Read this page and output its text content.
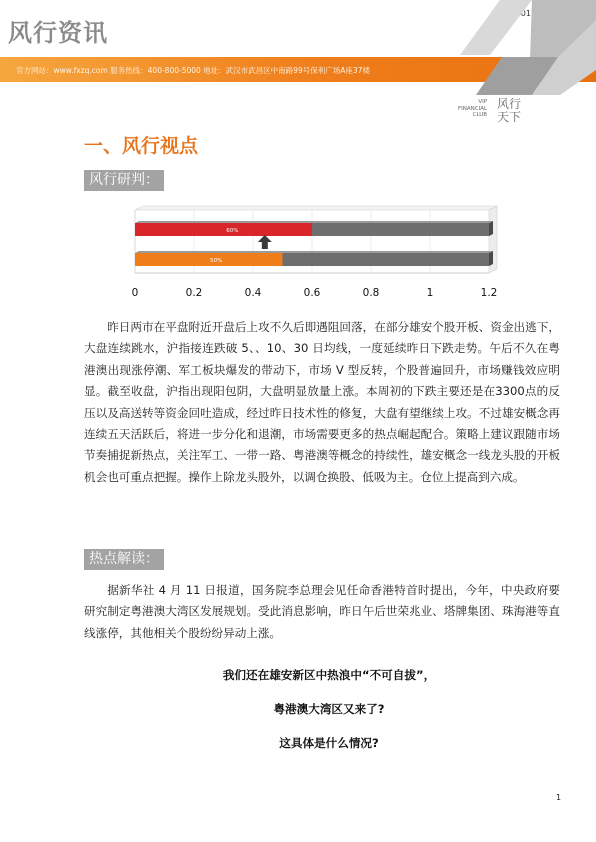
风行资讯
2017
官方网站：www.fxzq.com 服务热线：400-800-5000 地址：武汉市武昌区中南路99号保利广场A座37楼
VIP
FINANCIAL
CLUB
风行
天下
一、风行视点
风行研判：
60%
50%
0	0.2	0.4	0.6	0.8	1	1.2
昨日两市在平盘附近开盘后上攻不久后即遇阻回落，在部分雄安个股开板、资金出逃下，大盘连续跳水，沪指接连跌破 5、、10、30 日均线，一度延续昨日下跌走势。午后不久在粤港澳出现涨停潮、军工板块爆发的带动下，市场 V 型反转，个股普遍回升，市场赚钱效应明显。截至收盘，沪指出现阳包阴，大盘明显放量上涨。本周初的下跌主要还是在3300点的反压以及高送转等资金回吐造成，经过昨日技术性的修复，大盘有望继续上攻。不过雄安概念再连续五天活跃后，将进一步分化和退潮，市场需要更多的热点崛起配合。策略上建议跟随市场节奏捕捉新热点，关注军工、一带一路、粤港澳等概念的持续性，雄安概念一线龙头股的开板机会也可重点把握。操作上除龙头股外，以调仓换股、低吸为主。仓位上提高到六成。
热点解读：
据新华社 4 月 11 日报道，国务院李总理会见任命香港特首时提出，今年，中央政府要研究制定粤港澳大湾区发展规划。受此消息影响，昨日午后世荣兆业、塔牌集团、珠海港等直线涨停，其他相关个股纷纷异动上涨。
我们还在雄安新区中热浪中“不可自拔”，
粤港澳大湾区又来了?
这具体是什么情况?
1
